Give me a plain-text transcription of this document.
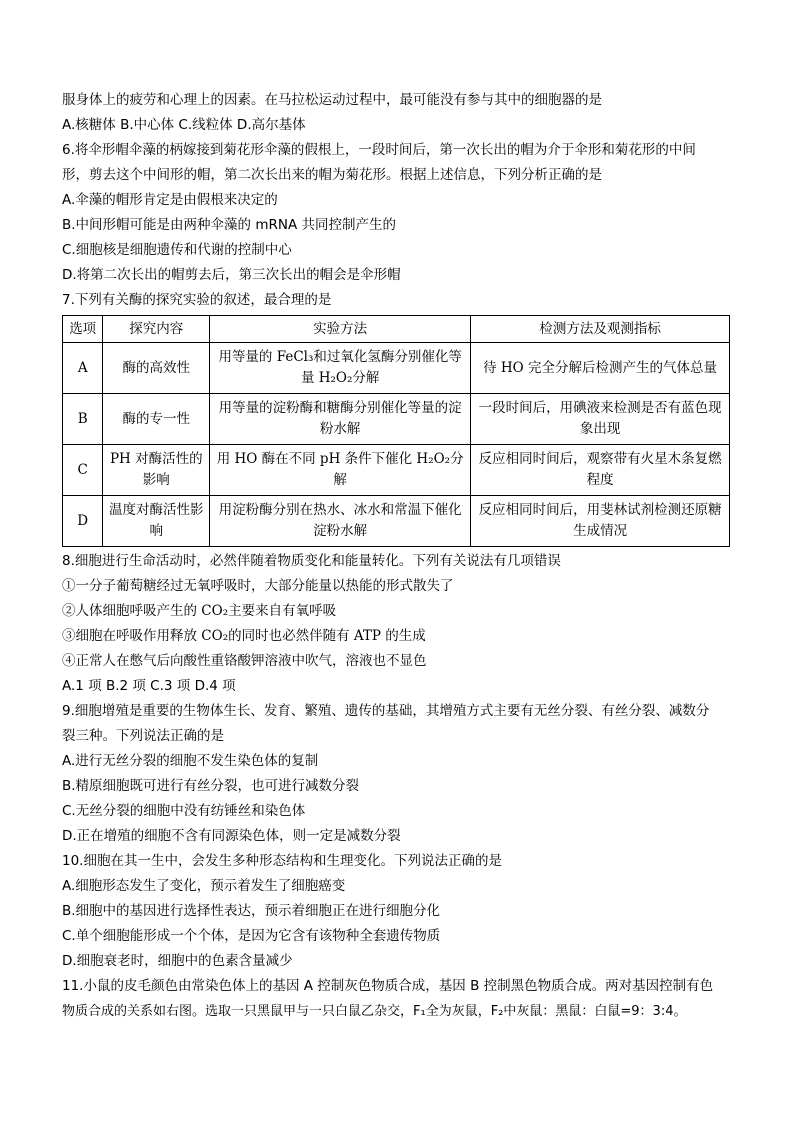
服身体上的疲劳和心理上的因素。在马拉松运动过程中，最可能没有参与其中的细胞器的是
A.核糖体 B.中心体 C.线粒体 D.高尔基体
6.将伞形帽伞藻的柄嫁接到菊花形伞藻的假根上，一段时间后，第一次长出的帽为介于伞形和菊花形的中间
形，剪去这个中间形的帽，第二次长出来的帽为菊花形。根据上述信息，下列分析正确的是
A.伞藻的帽形肯定是由假根来决定的
B.中间形帽可能是由两种伞藻的 mRNA 共同控制产生的
C.细胞核是细胞遗传和代谢的控制中心
D.将第二次长出的帽剪去后，第三次长出的帽会是伞形帽
7.下列有关酶的探究实验的叙述，最合理的是
选项	探究内容	实验方法	检测方法及观测指标
A	酶的高效性	用等量的 FeCl₃和过氧化氢酶分别催化等量 H₂O₂分解	待 HO 完全分解后检测产生的气体总量
B	酶的专一性	用等量的淀粉酶和糖酶分别催化等量的淀粉水解	一段时间后，用碘液来检测是否有蓝色现象出现
C	PH 对酶活性的影响	用 HO 酶在不同 pH 条件下催化 H₂O₂分解	反应相同时间后，观察带有火星木条复燃程度
D	温度对酶活性影响	用淀粉酶分别在热水、冰水和常温下催化淀粉水解	反应相同时间后，用斐林试剂检测还原糖生成情况
8.细胞进行生命活动时，必然伴随着物质变化和能量转化。下列有关说法有几项错误
①一分子葡萄糖经过无氧呼吸时，大部分能量以热能的形式散失了
②人体细胞呼吸产生的 CO₂主要来自有氧呼吸
③细胞在呼吸作用释放 CO₂的同时也必然伴随有 ATP 的生成
④正常人在憋气后向酸性重铬酸钾溶液中吹气，溶液也不显色
A.1 项 B.2 项 C.3 项 D.4 项
9.细胞增殖是重要的生物体生长、发育、繁殖、遗传的基础，其增殖方式主要有无丝分裂、有丝分裂、减数分
裂三种。下列说法正确的是
A.进行无丝分裂的细胞不发生染色体的复制
B.精原细胞既可进行有丝分裂，也可进行减数分裂
C.无丝分裂的细胞中没有纺锤丝和染色体
D.正在增殖的细胞不含有同源染色体，则一定是减数分裂
10.细胞在其一生中，会发生多种形态结构和生理变化。下列说法正确的是
A.细胞形态发生了变化，预示着发生了细胞癌变
B.细胞中的基因进行选择性表达，预示着细胞正在进行细胞分化
C.单个细胞能形成一个个体，是因为它含有该物种全套遗传物质
D.细胞衰老时，细胞中的色素含量减少
11.小鼠的皮毛颜色由常染色体上的基因 A 控制灰色物质合成，基因 B 控制黑色物质合成。两对基因控制有色
物质合成的关系如右图。选取一只黑鼠甲与一只白鼠乙杂交，F₁全为灰鼠，F₂中灰鼠：黑鼠：白鼠=9：3:4。
